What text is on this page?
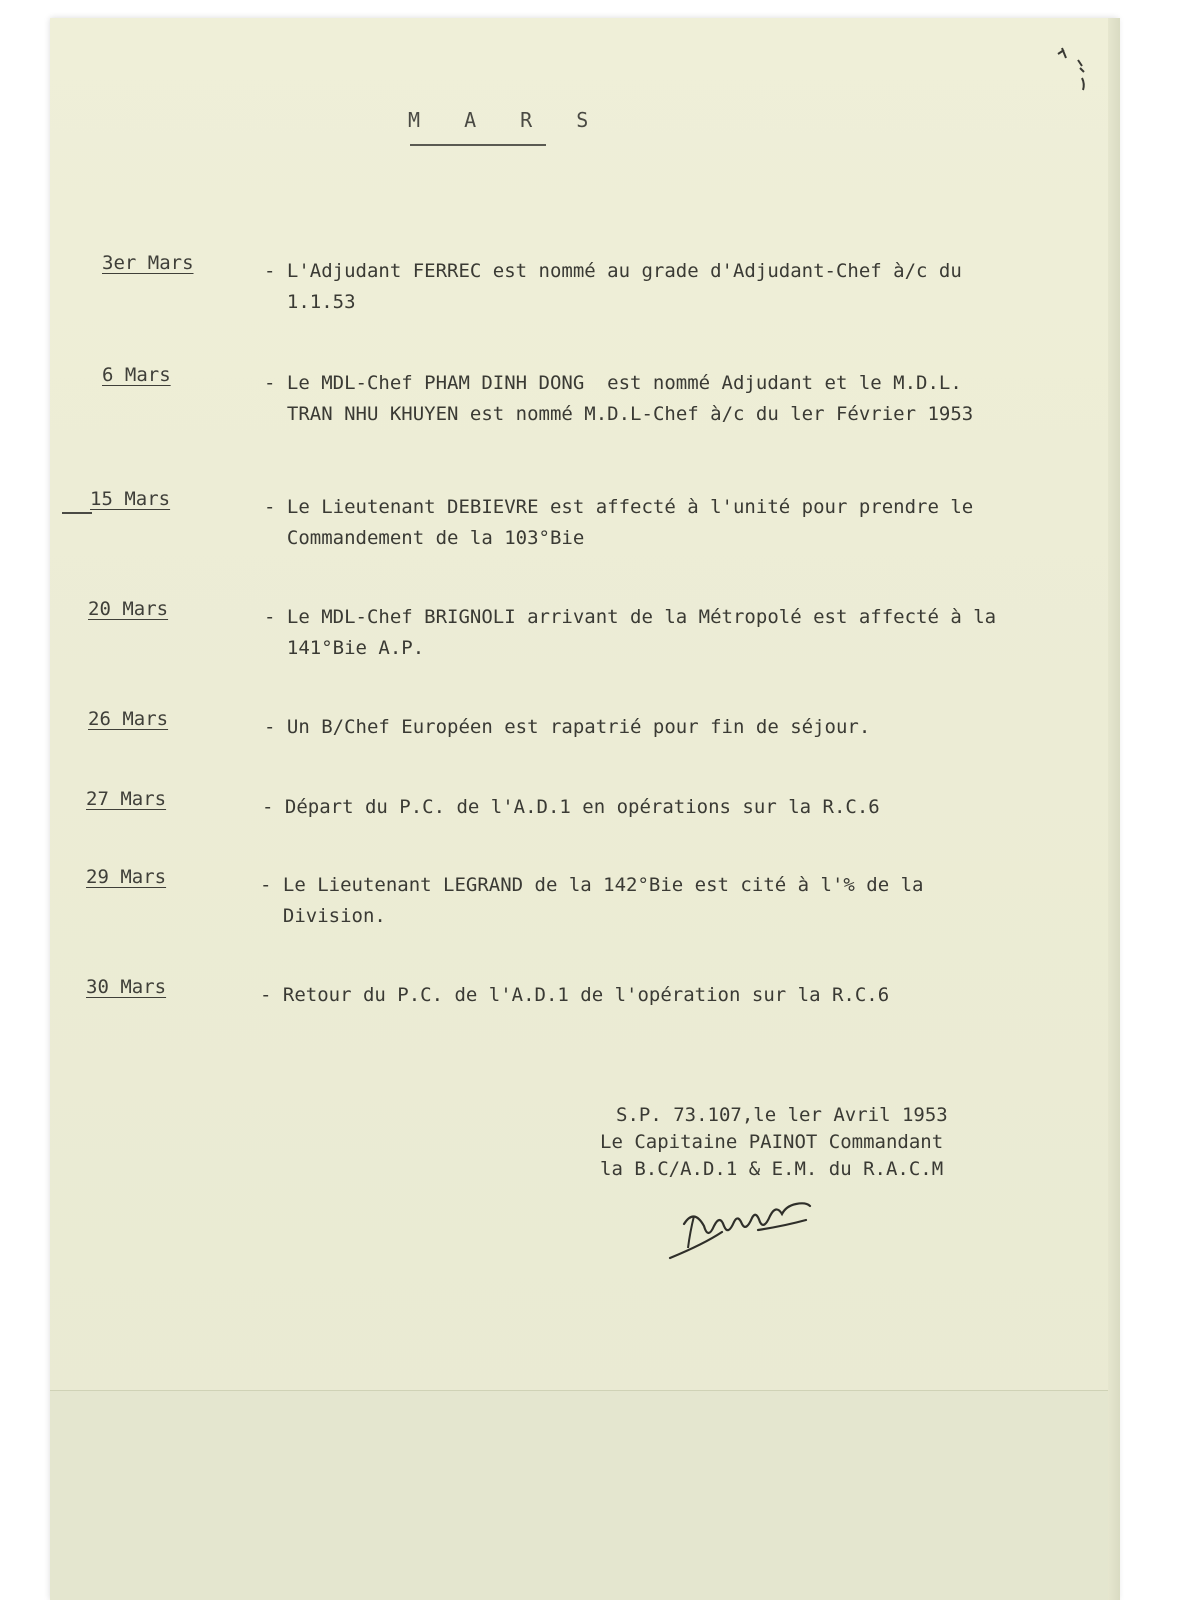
M A R S
3er Mars	- L'Adjudant FERREC est nommé au grade d'Adjudant-Chef à/c du
1.1.53
6 Mars	- Le MDL-Chef PHAM DINH DONG  est nommé Adjudant et le M.D.L.
TRAN NHU KHUYEN est nommé M.D.L-Chef à/c du ler Février 1953
15 Mars	- Le Lieutenant DEBIEVRE est affecté à l'unité pour prendre le
Commandement de la 103°Bie
20 Mars	- Le MDL-Chef BRIGNOLI arrivant de la Métropolé est affecté à la
141°Bie A.P.
26 Mars	- Un B/Chef Européen est rapatrié pour fin de séjour.
27 Mars	- Départ du P.C. de l'A.D.1 en opérations sur la R.C.6
29 Mars	- Le Lieutenant LEGRAND de la 142°Bie est cité à l'% de la
Division.
30 Mars	- Retour du P.C. de l'A.D.1 de l'opération sur la R.C.6
S.P. 73.107,le ler Avril 1953
Le Capitaine PAINOT Commandant
la B.C/A.D.1 & E.M. du R.A.C.M
